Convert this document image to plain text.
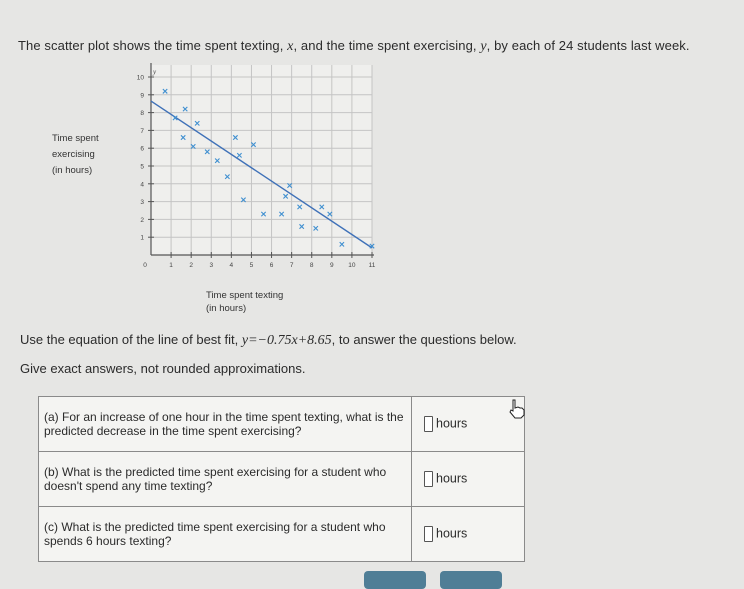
The scatter plot shows the time spent texting, x, and the time spent exercising, y, by each of 24 students last week.
Time spent
exercising
(in hours)
0	1	2	3	4	5	6	7	8	9 10 11
1
2
3
4
5
6
7
8
9
10
y
Time spent texting
(in hours)
Use the equation of the line of best fit, y=−0.75x+8.65, to answer the questions below.
Give exact answers, not rounded approximations.
(a) For an increase of one hour in the time spent texting, what is the predicted decrease in the time spent exercising?	hours
(b) What is the predicted time spent exercising for a student who doesn't spend any time texting?	hours
(c) What is the predicted time spent exercising for a student who spends 6 hours texting?	hours
